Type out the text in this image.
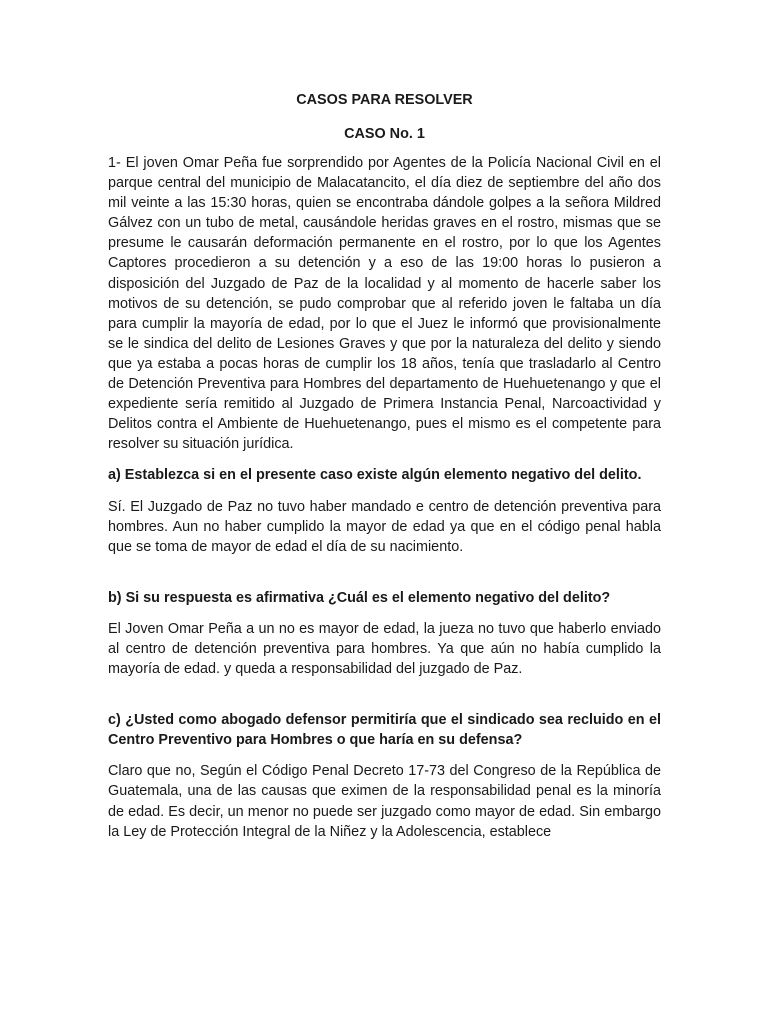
CASOS PARA RESOLVER
CASO No. 1

1- El joven Omar Peña fue sorprendido por Agentes de la Policía Nacional Civil en el parque central del municipio de Malacatancito, el día diez de septiembre del año dos mil veinte a las 15:30 horas, quien se encontraba dándole golpes a la señora Mildred Gálvez con un tubo de metal, causándole heridas graves en el rostro, mismas que se presume le causarán deformación permanente en el rostro, por lo que los Agentes Captores procedieron a su detención y a eso de las 19:00 horas lo pusieron a disposición del Juzgado de Paz de la localidad y al momento de hacerle saber los motivos de su detención, se pudo comprobar que al referido joven le faltaba un día para cumplir la mayoría de edad, por lo que el Juez le informó que provisionalmente se le sindica del delito de Lesiones Graves y que por la naturaleza del delito y siendo que ya estaba a pocas horas de cumplir los 18 años, tenía que trasladarlo al Centro de Detención Preventiva para Hombres del departamento de Huehuetenango y que el expediente sería remitido al Juzgado de Primera Instancia Penal, Narcoactividad y Delitos contra el Ambiente de Huehuetenango, pues el mismo es el competente para resolver su situación jurídica.

a) Establezca si en el presente caso existe algún elemento negativo del delito.

Sí. El Juzgado de Paz no tuvo haber mandado e centro de detención preventiva para hombres. Aun no haber cumplido la mayor de edad ya que en el código penal habla que se toma de mayor de edad el día de su nacimiento.

b) Si su respuesta es afirmativa ¿Cuál es el elemento negativo del delito?

El Joven Omar Peña a un no es mayor de edad, la jueza no tuvo que haberlo enviado al centro de detención preventiva para hombres. Ya que aún no había cumplido la mayoría de edad. y queda a responsabilidad del juzgado de Paz.

c) ¿Usted como abogado defensor permitiría que el sindicado sea recluido en el Centro Preventivo para Hombres o que haría en su defensa?

Claro que no, Según el Código Penal Decreto 17-73 del Congreso de la República de Guatemala, una de las causas que eximen de la responsabilidad penal es la minoría de edad. Es decir, un menor no puede ser juzgado como mayor de edad. Sin embargo la Ley de Protección Integral de la Niñez y la Adolescencia, establece
